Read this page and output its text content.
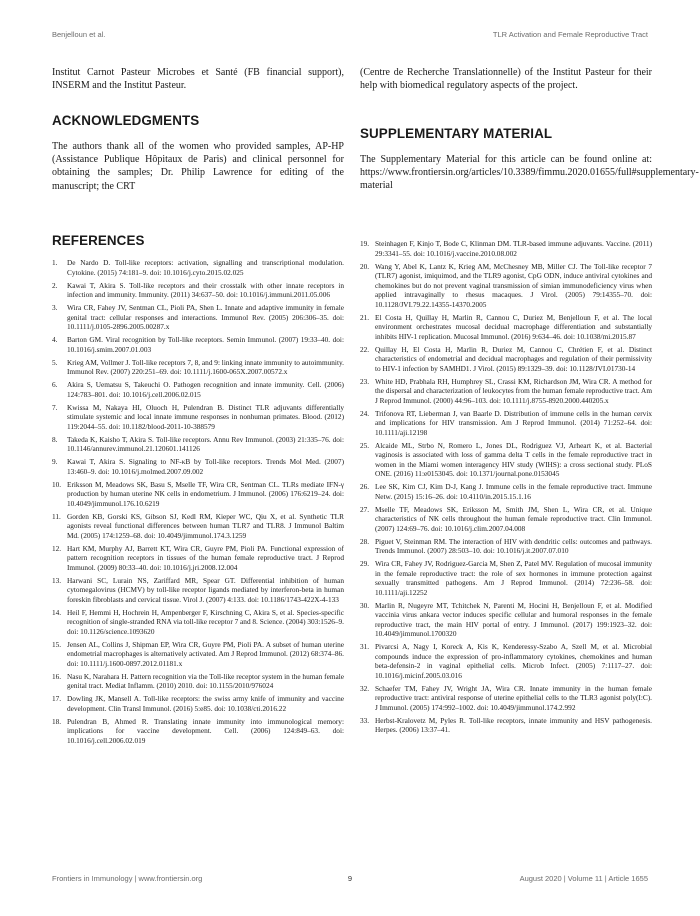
Benjelloun et al.	TLR Activation and Female Reproductive Tract

Institut Carnot Pasteur Microbes et Santé (FB financial support), INSERM and the Institut Pasteur.

ACKNOWLEDGMENTS

The authors thank all of the women who provided samples, AP-HP (Assistance Publique Hôpitaux de Paris) and clinical personnel for obtaining the samples; Dr. Philip Lawrence for editing of the manuscript; the CRT

(Centre de Recherche Translationnelle) of the Institut Pasteur for their help with biomedical regulatory aspects of the project.

SUPPLEMENTARY MATERIAL

The Supplementary Material for this article can be found online at: https://www.frontiersin.org/articles/10.3389/fimmu.2020.01655/full#supplementary-material

REFERENCES
1. De Nardo D. Toll-like receptors: activation, signalling and transcriptional modulation. Cytokine. (2015) 74:181–9. doi: 10.1016/j.cyto.2015.02.025
2. Kawai T, Akira S. Toll-like receptors and their crosstalk with other innate receptors in infection and immunity. Immunity. (2011) 34:637–50. doi: 10.1016/j.immuni.2011.05.006
3. Wira CR, Fahey JV, Sentman CL, Pioli PA, Shen L. Innate and adaptive immunity in female genital tract: cellular responses and interactions. Immunol Rev. (2005) 206:306–35. doi: 10.1111/j.0105-2896.2005.00287.x
4. Barton GM. Viral recognition by Toll-like receptors. Semin Immunol. (2007) 19:33–40. doi: 10.1016/j.smim.2007.01.003
5. Krieg AM, Vollmer J. Toll-like receptors 7, 8, and 9: linking innate immunity to autoimmunity. Immunol Rev. (2007) 220:251–69. doi: 10.1111/j.1600-065X.2007.00572.x
6. Akira S, Uematsu S, Takeuchi O. Pathogen recognition and innate immunity. Cell. (2006) 124:783–801. doi: 10.1016/j.cell.2006.02.015
7. Kwissa M, Nakaya HI, Oluoch H, Pulendran B. Distinct TLR adjuvants differentially stimulate systemic and local innate immune responses in nonhuman primates. Blood. (2012) 119:2044–55. doi: 10.1182/blood-2011-10-388579
8. Takeda K, Kaisho T, Akira S. Toll-like receptors. Annu Rev Immunol. (2003) 21:335–76. doi: 10.1146/annurev.immunol.21.120601.141126
9. Kawai T, Akira S. Signaling to NF-κB by Toll-like receptors. Trends Mol Med. (2007) 13:460–9. doi: 10.1016/j.molmed.2007.09.002
10. Eriksson M, Meadows SK, Basu S, Mselle TF, Wira CR, Sentman CL. TLRs mediate IFN-γ production by human uterine NK cells in endometrium. J Immunol. (2006) 176:6219–24. doi: 10.4049/jimmunol.176.10.6219
11. Gorden KB, Gorski KS, Gibson SJ, Kedl RM, Kieper WC, Qiu X, et al. Synthetic TLR agonists reveal functional differences between human TLR7 and TLR8. J Immunol Baltim Md. (2005) 174:1259–68. doi: 10.4049/jimmunol.174.3.1259
12. Hart KM, Murphy AJ, Barrett KT, Wira CR, Guyre PM, Pioli PA. Functional expression of pattern recognition receptors in tissues of the human female reproductive tract. J Reprod Immunol. (2009) 80:33–40. doi: 10.1016/j.jri.2008.12.004
13. Harwani SC, Lurain NS, Zariffard MR, Spear GT. Differential inhibition of human cytomegalovirus (HCMV) by toll-like receptor ligands mediated by interferon-beta in human foreskin fibroblasts and cervical tissue. Virol J. (2007) 4:133. doi: 10.1186/1743-422X-4-133
14. Heil F, Hemmi H, Hochrein H, Ampenberger F, Kirschning C, Akira S, et al. Species-specific recognition of single-stranded RNA via toll-like receptor 7 and 8. Science. (2004) 303:1526–9. doi: 10.1126/science.1093620
15. Jensen AL, Collins J, Shipman EP, Wira CR, Guyre PM, Pioli PA. A subset of human uterine endometrial macrophages is alternatively activated. Am J Reprod Immunol. (2012) 68:374–86. doi: 10.1111/j.1600-0897.2012.01181.x
16. Nasu K, Narahara H. Pattern recognition via the Toll-like receptor system in the human female genital tract. Mediat Inflamm. (2010) 2010. doi: 10.1155/2010/976024
17. Dowling JK, Mansell A. Toll-like receptors: the swiss army knife of immunity and vaccine development. Clin Transl Immunol. (2016) 5:e85. doi: 10.1038/cti.2016.22
18. Pulendran B, Ahmed R. Translating innate immunity into immunological memory: implications for vaccine development. Cell. (2006) 124:849–63. doi: 10.1016/j.cell.2006.02.019
19. Steinhagen F, Kinjo T, Bode C, Klinman DM. TLR-based immune adjuvants. Vaccine. (2011) 29:3341–55. doi: 10.1016/j.vaccine.2010.08.002
20. Wang Y, Abel K, Lantz K, Krieg AM, McChesney MB, Miller CJ. The Toll-like receptor 7 (TLR7) agonist, imiquimod, and the TLR9 agonist, CpG ODN, induce antiviral cytokines and chemokines but do not prevent vaginal transmission of simian immunodeficiency virus when applied intravaginally to rhesus macaques. J Virol. (2005) 79:14355–70. doi: 10.1128/JVI.79.22.14355-14370.2005
21. El Costa H, Quillay H, Marlin R, Cannou C, Duriez M, Benjelloun F, et al. The local environment orchestrates mucosal decidual macrophage differentiation and substantially inhibits HIV-1 replication. Mucosal Immunol. (2016) 9:634–46. doi: 10.1038/mi.2015.87
22. Quillay H, El Costa H, Marlin R, Duriez M, Cannou C, Chrétien F, et al. Distinct characteristics of endometrial and decidual macrophages and regulation of their permissivity to HIV-1 infection by SAMHD1. J Virol. (2015) 89:1329–39. doi: 10.1128/JVI.01730-14
23. White HD, Prabhala RH, Humphrey SL, Crassi KM, Richardson JM, Wira CR. A method for the dispersal and characterization of leukocytes from the human female reproductive tract. Am J Reprod Immunol. (2000) 44:96–103. doi: 10.1111/j.8755-8920.2000.440205.x
24. Trifonova RT, Lieberman J, van Baarle D. Distribution of immune cells in the human cervix and implications for HIV transmission. Am J Reprod Immunol. (2014) 71:252–64. doi: 10.1111/aji.12198
25. Alcaide ML, Strbo N, Romero L, Jones DL, Rodriguez VJ, Arheart K, et al. Bacterial vaginosis is associated with loss of gamma delta T cells in the female reproductive tract in women in the Miami women interagency HIV study (WIHS): a cross sectional study. PLoS ONE. (2016) 11:e0153045. doi: 10.1371/journal.pone.0153045
26. Lee SK, Kim CJ, Kim D-J, Kang J. Immune cells in the female reproductive tract. Immune Netw. (2015) 15:16–26. doi: 10.4110/in.2015.15.1.16
27. Mselle TF, Meadows SK, Eriksson M, Smith JM, Shen L, Wira CR, et al. Unique characteristics of NK cells throughout the human female reproductive tract. Clin Immunol. (2007) 124:69–76. doi: 10.1016/j.clim.2007.04.008
28. Piguet V, Steinman RM. The interaction of HIV with dendritic cells: outcomes and pathways. Trends Immunol. (2007) 28:503–10. doi: 10.1016/j.it.2007.07.010
29. Wira CR, Fahey JV, Rodriguez-Garcia M, Shen Z, Patel MV. Regulation of mucosal immunity in the female reproductive tract: the role of sex hormones in immune protection against sexually transmitted pathogens. Am J Reprod Immunol. (2014) 72:236–58. doi: 10.1111/aji.12252
30. Marlin R, Nugeyre MT, Tchitchek N, Parenti M, Hocini H, Benjelloun F, et al. Modified vaccinia virus ankara vector induces specific cellular and humoral responses in the female reproductive tract, the main HIV portal of entry. J Immunol. (2017) 199:1923–32. doi: 10.4049/jimmunol.1700320
31. Pivarcsi A, Nagy I, Koreck A, Kis K, Kenderessy-Szabo A, Szell M, et al. Microbial compounds induce the expression of pro-inflammatory cytokines, chemokines and human beta-defensin-2 in vaginal epithelial cells. Microb Infect. (2005) 7:1117–27. doi: 10.1016/j.micinf.2005.03.016
32. Schaefer TM, Fahey JV, Wright JA, Wira CR. Innate immunity in the human female reproductive tract: antiviral response of uterine epithelial cells to the TLR3 agonist poly(I:C). J Immunol. (2005) 174:992–1002. doi: 10.4049/jimmunol.174.2.992
33. Herbst-Kralovetz M, Pyles R. Toll-like receptors, innate immunity and HSV pathogenesis. Herpes. (2006) 13:37–41.
Frontiers in Immunology | www.frontiersin.org	9	August 2020 | Volume 11 | Article 1655
